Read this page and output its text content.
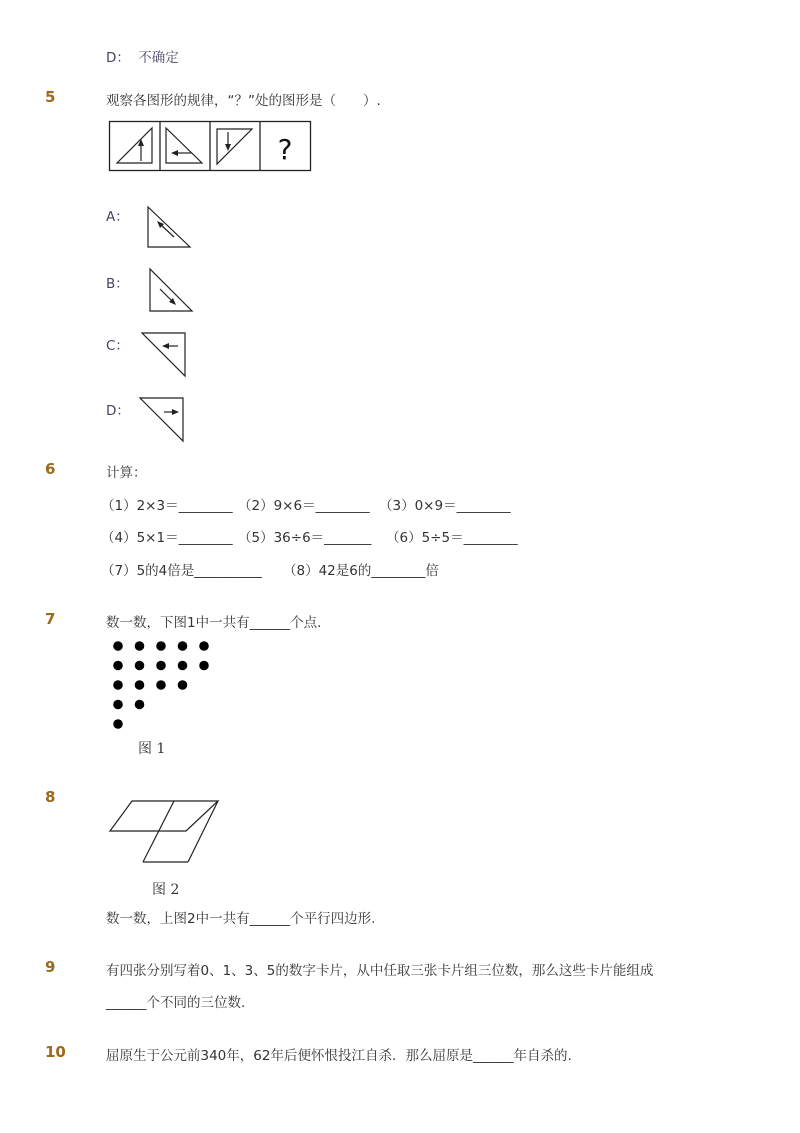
D： 不确定
5	观察各图形的规律，“？”处的图形是（　　）.
?
A：
B：
C：
D：
6	计算：
（1）2×3＝________ （2）9×6＝________ （3）0×9＝________
（4）5×1＝________ （5）36÷6＝_______ （6）5÷5＝________
（7）5的4倍是__________ （8）42是6的________倍
7	数一数，下图1中一共有______个点.
图 1
8
图 2
数一数，上图2中一共有______个平行四边形.
9	有四张分别写着0、1、3、5的数字卡片，从中任取三张卡片组三位数，那么这些卡片能组成
______个不同的三位数.
10	屈原生于公元前340年，62年后便怀恨投江自杀．那么屈原是______年自杀的.
